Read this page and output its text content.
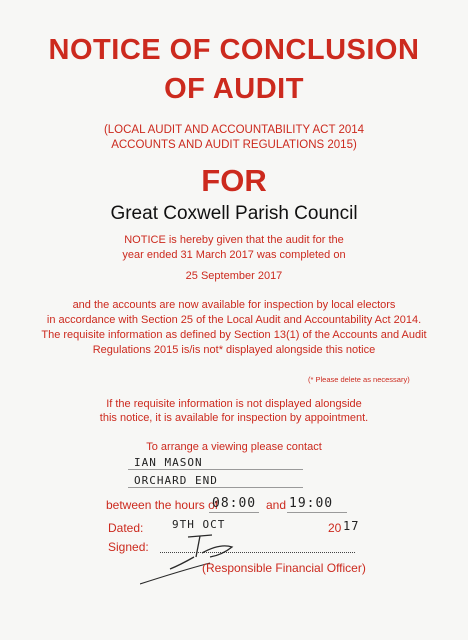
NOTICE OF CONCLUSION
OF AUDIT
(LOCAL AUDIT AND ACCOUNTABILITY ACT 2014
ACCOUNTS AND AUDIT REGULATIONS 2015)
FOR
Great Coxwell Parish Council
NOTICE is hereby given that the audit for the
year ended 31 March 2017 was completed on
25 September 2017
and the accounts are now available for inspection by local electors
in accordance with Section 25 of the Local Audit and Accountability Act 2014.
The requisite information as defined by Section 13(1) of the Accounts and Audit
Regulations 2015 is/is not* displayed alongside this notice
(* Please delete as necessary)
If the requisite information is not displayed alongside
this notice, it is available for inspection by appointment.
To arrange a viewing please contact
IAN MASON
ORCHARD END
between the hours of
08:00 and 19:00
Dated:	9TH OCT	20 17
Signed:
(Responsible Financial Officer)
